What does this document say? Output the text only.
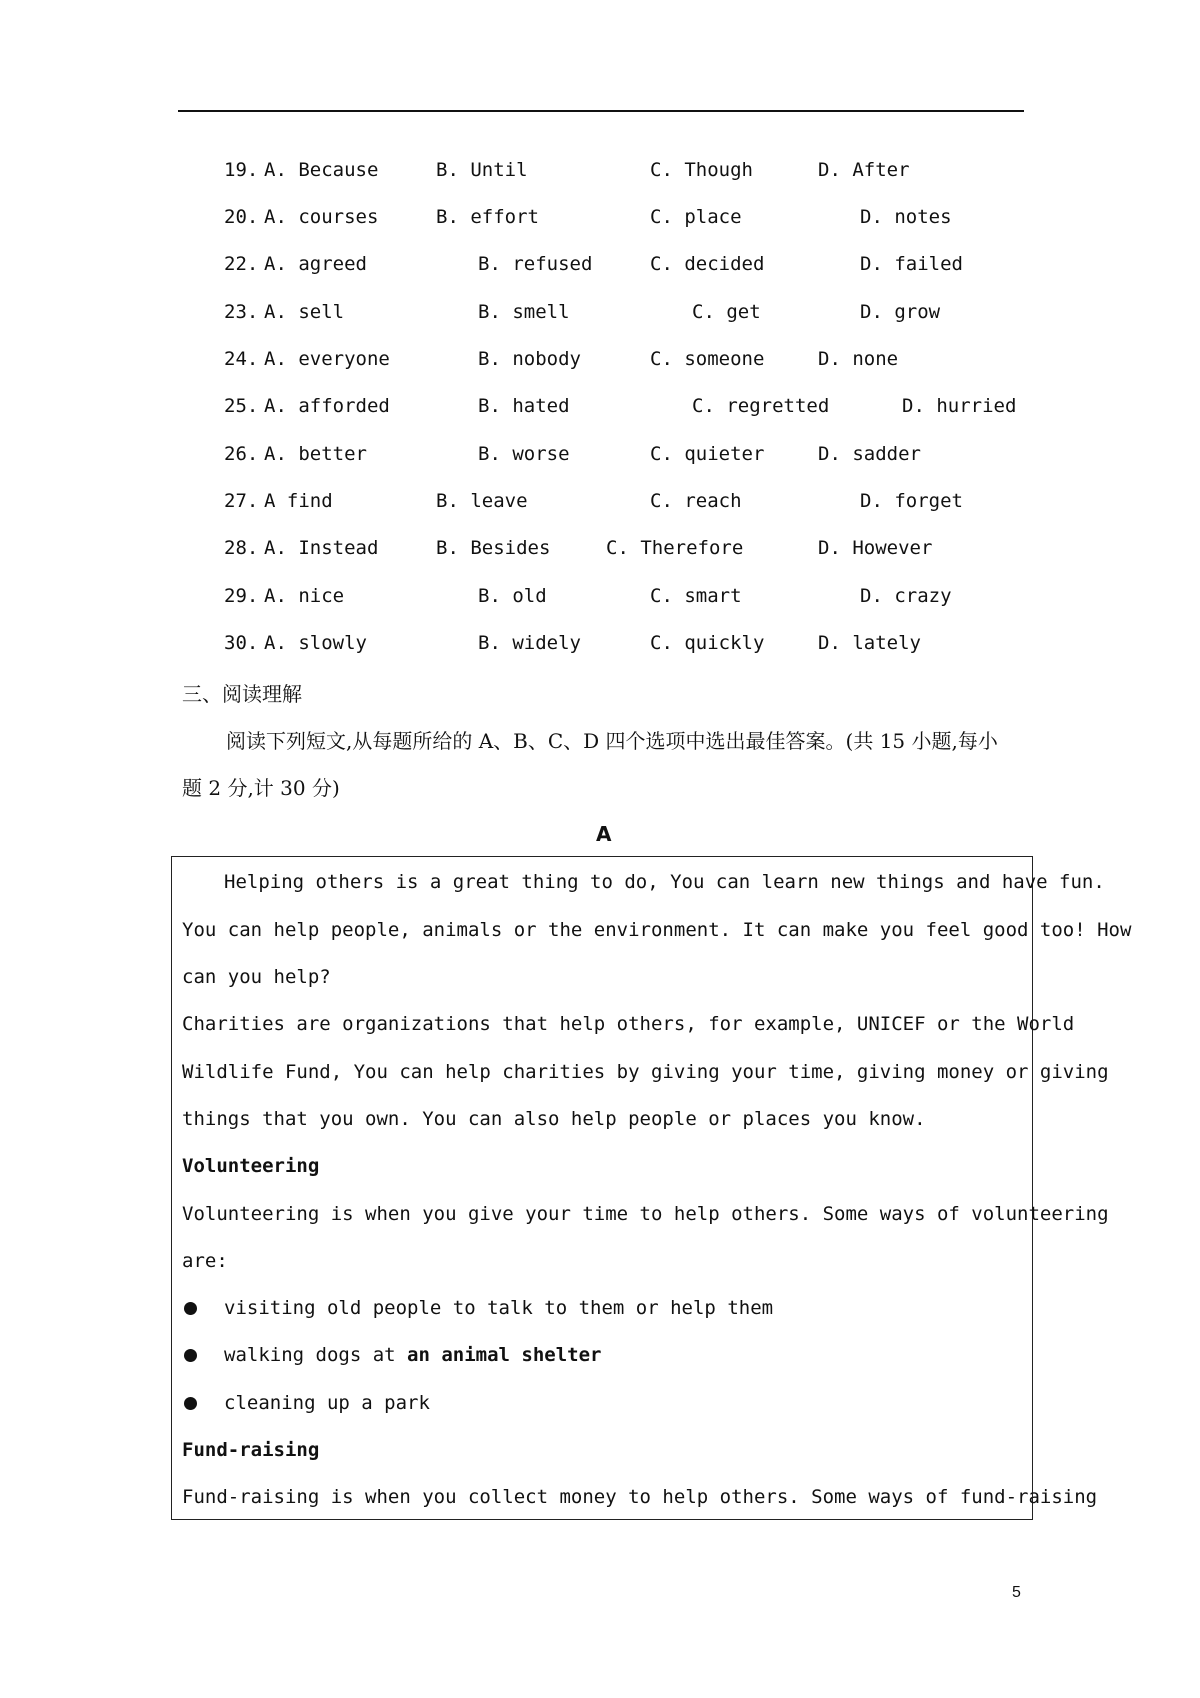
19. A. Because	B. Until	C. Though	D. After
20. A. courses	B. effort	C. place	D. notes
22. A. agreed	B. refused	C. decided	D. failed
23. A. sell	B. smell	C. get	D. grow
24. A. everyone	B. nobody	C. someone	D. none
25. A. afforded	B. hated	C. regretted	D. hurried
26. A. better	B. worse	C. quieter	D. sadder
27. A find	B. leave	C. reach	D. forget
28. A. Instead	B. Besides	C. Therefore	D. However
29. A. nice	B. old	C. smart	D. crazy
30. A. slowly	B. widely	C. quickly	D. lately
三、阅读理解
阅读下列短文,从每题所给的 A、B、C、D 四个选项中选出最佳答案。(共 15 小题,每小
题 2 分,计 30 分)
A
Helping others is a great thing to do, You can learn new things and have fun.
You can help people, animals or the environment. It can make you feel good too! How
can you help?
Charities are organizations that help others, for example, UNICEF or the World
Wildlife Fund, You can help charities by giving your time, giving money or giving
things that you own. You can also help people or places you know.
Volunteering
Volunteering is when you give your time to help others. Some ways of volunteering
are:
visiting old people to talk to them or help them
walking dogs at an animal shelter
cleaning up a park
Fund-raising
Fund-raising is when you collect money to help others. Some ways of fund-raising
5
